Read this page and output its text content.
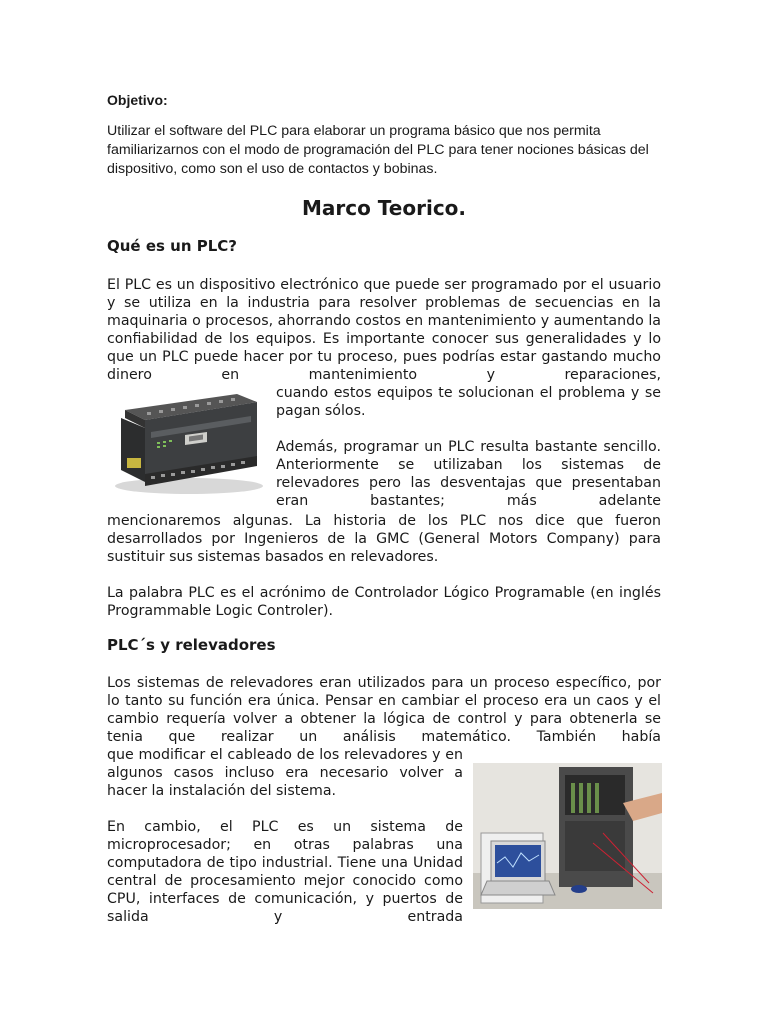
Objetivo:
Utilizar el software del PLC para elaborar un programa básico que nos permita familiarizarnos con el modo de programación del PLC para tener nociones básicas del dispositivo, como son el uso de contactos y bobinas.
Marco Teorico.
Qué es un PLC?

El PLC es un dispositivo electrónico que puede ser programado por el usuario y se utiliza en la industria para resolver problemas de secuencias en la maquinaria o procesos, ahorrando costos en mantenimiento y aumentando la confiabilidad de los equipos. Es importante conocer sus generalidades y lo que un PLC puede hacer por tu proceso, pues podrías estar gastando mucho dinero en mantenimiento y reparaciones,

cuando estos equipos te solucionan el problema y se pagan sólos.

Además, programar un PLC resulta bastante sencillo. Anteriormente se utilizaban los sistemas de relevadores pero las desventajas que presentaban eran bastantes; más adelante

mencionaremos algunas. La historia de los PLC nos dice que fueron desarrollados por Ingenieros de la GMC (General Motors Company) para sustituir sus sistemas basados en relevadores.

La palabra PLC es el acrónimo de Controlador Lógico Programable (en inglés Programmable Logic Controler).

PLC´s y relevadores

Los sistemas de relevadores eran utilizados para un proceso específico, por lo tanto su función era única. Pensar en cambiar el proceso era un caos y el cambio requería volver a obtener la lógica de control y para obtenerla se tenia que realizar un análisis matemático. También había

que modificar el cableado de los relevadores y en algunos casos incluso era necesario volver a hacer la instalación del sistema.

En cambio, el PLC es un sistema de microprocesador; en otras palabras una computadora de tipo industrial. Tiene una Unidad central de procesamiento mejor conocido como CPU, interfaces de comunicación, y puertos de salida y entrada
